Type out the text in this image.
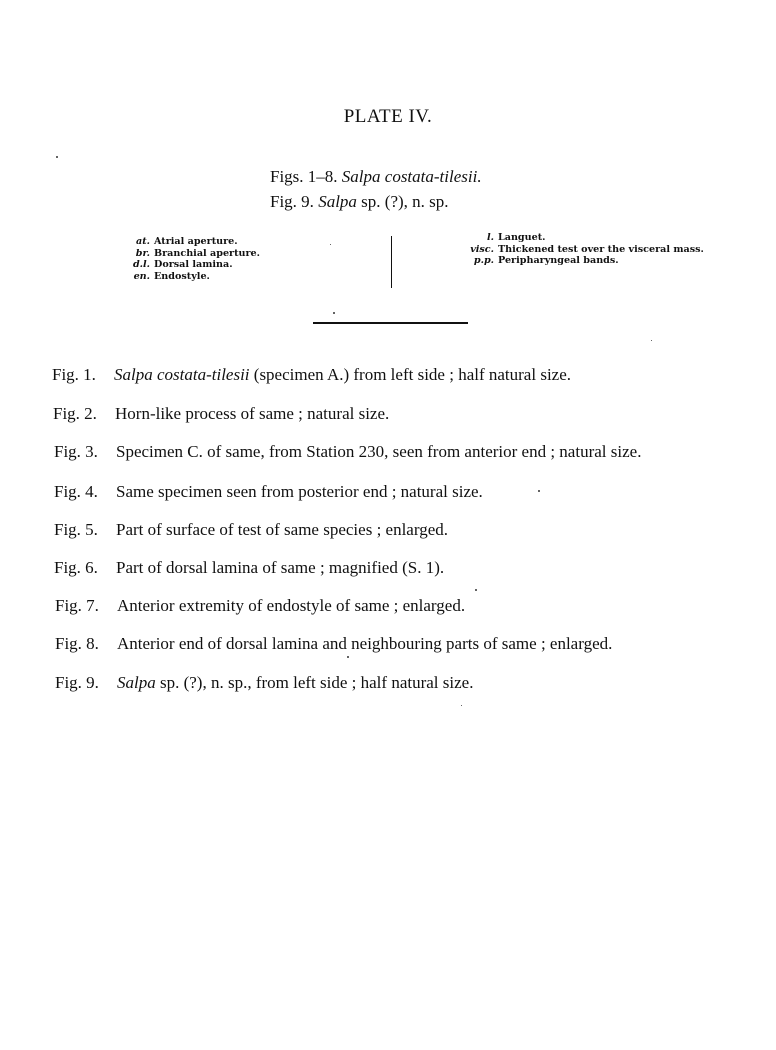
PLATE IV.
Figs. 1–8. Salpa costata-tilesii.
Fig. 9. Salpa sp. (?), n. sp.
at. Atrial aperture.
br. Branchial aperture.
d.l. Dorsal lamina.
en. Endostyle.
l. Languet.
visc. Thickened test over the visceral mass.
p.p. Peripharyngeal bands.
Fig. 1. Salpa costata-tilesii (specimen A.) from left side ; half natural size.
Fig. 2. Horn-like process of same ; natural size.
Fig. 3. Specimen C. of same, from Station 230, seen from anterior end ; natural size.
Fig. 4. Same specimen seen from posterior end ; natural size.
Fig. 5. Part of surface of test of same species ; enlarged.
Fig. 6. Part of dorsal lamina of same ; magnified (S. 1).
Fig. 7. Anterior extremity of endostyle of same ; enlarged.
Fig. 8. Anterior end of dorsal lamina and neighbouring parts of same ; enlarged.
Fig. 9. Salpa sp. (?), n. sp., from left side ; half natural size.
